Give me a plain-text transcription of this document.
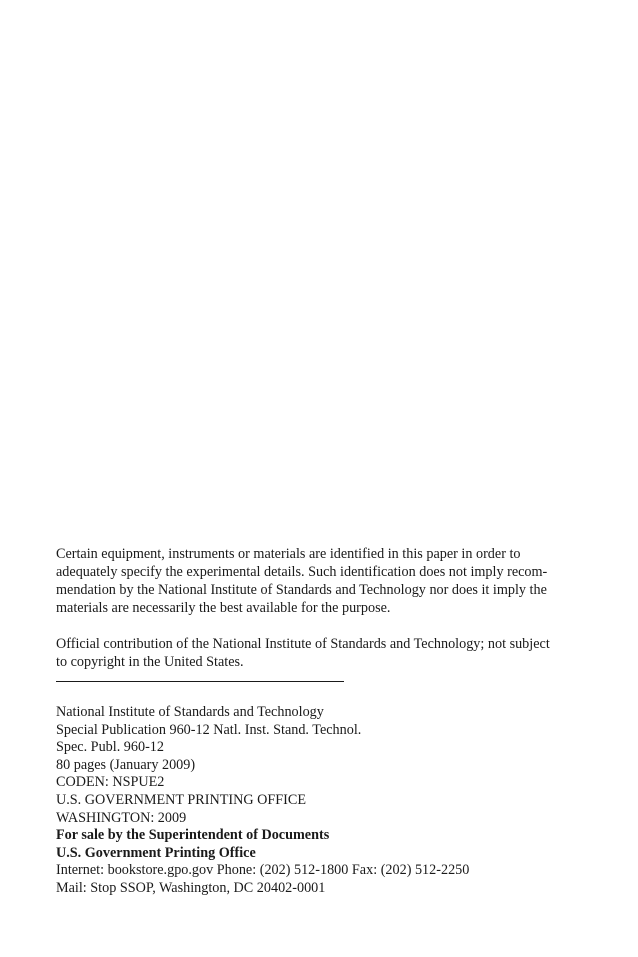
Certain equipment, instruments or materials are identified in this paper in order to
adequately specify the experimental details. Such identification does not imply recom-
mendation by the National Institute of Standards and Technology nor does it imply the
materials are necessarily the best available for the purpose.

Official contribution of the National Institute of Standards and Technology; not subject
to copyright in the United States.

National Institute of Standards and Technology
Special Publication 960-12 Natl. Inst. Stand. Technol.
Spec. Publ. 960-12
80 pages (January 2009)
CODEN: NSPUE2
U.S. GOVERNMENT PRINTING OFFICE
WASHINGTON: 2009
For sale by the Superintendent of Documents
U.S. Government Printing Office
Internet: bookstore.gpo.gov Phone: (202) 512-1800 Fax: (202) 512-2250
Mail: Stop SSOP, Washington, DC 20402-0001
